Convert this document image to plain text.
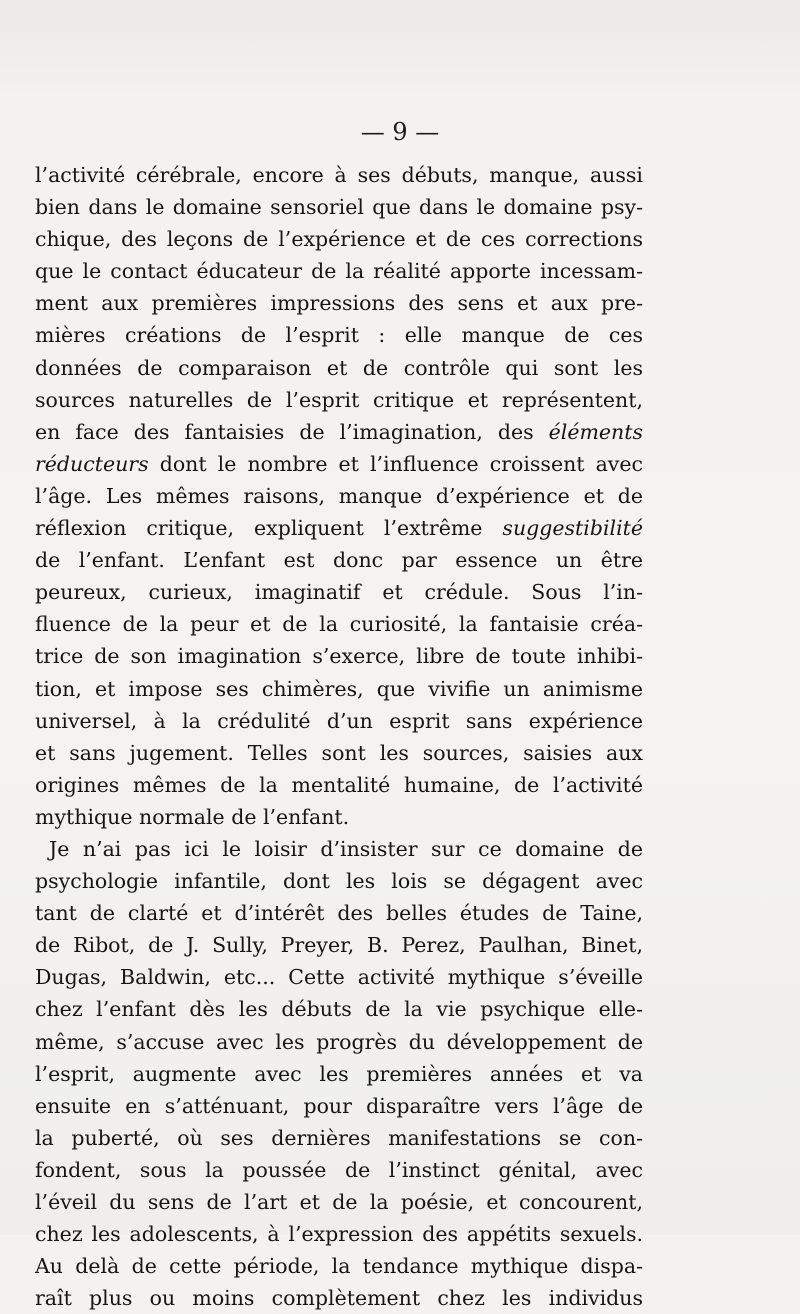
— 9 —
l’activité cérébrale, encore à ses débuts, manque, aussi
bien dans le domaine sensoriel que dans le domaine psy-
chique, des leçons de l’expérience et de ces corrections
que le contact éducateur de la réalité apporte incessam-
ment aux premières impressions des sens et aux pre-
mières créations de l’esprit : elle manque de ces
données de comparaison et de contrôle qui sont les
sources naturelles de l’esprit critique et représentent,
en face des fantaisies de l’imagination, des éléments
réducteurs dont le nombre et l’influence croissent avec
l’âge. Les mêmes raisons, manque d’expérience et de
réflexion critique, expliquent l’extrême suggestibilité
de l’enfant. L’enfant est donc par essence un être
peureux, curieux, imaginatif et crédule. Sous l’in-
fluence de la peur et de la curiosité, la fantaisie créa-
trice de son imagination s’exerce, libre de toute inhibi-
tion, et impose ses chimères, que vivifie un animisme
universel, à la crédulité d’un esprit sans expérience
et sans jugement. Telles sont les sources, saisies aux
origines mêmes de la mentalité humaine, de l’activité
mythique normale de l’enfant.
Je n’ai pas ici le loisir d’insister sur ce domaine de
psychologie infantile, dont les lois se dégagent avec
tant de clarté et d’intérêt des belles études de Taine,
de Ribot, de J. Sully, Preyer, B. Perez, Paulhan, Binet,
Dugas, Baldwin, etc... Cette activité mythique s’éveille
chez l’enfant dès les débuts de la vie psychique elle-
même, s’accuse avec les progrès du développement de
l’esprit, augmente avec les premières années et va
ensuite en s’atténuant, pour disparaître vers l’âge de
la puberté, où ses dernières manifestations se con-
fondent, sous la poussée de l’instinct génital, avec
l’éveil du sens de l’art et de la poésie, et concourent,
chez les adolescents, à l’expression des appétits sexuels.
Au delà de cette période, la tendance mythique dispa-
raît plus ou moins complètement chez les individus
